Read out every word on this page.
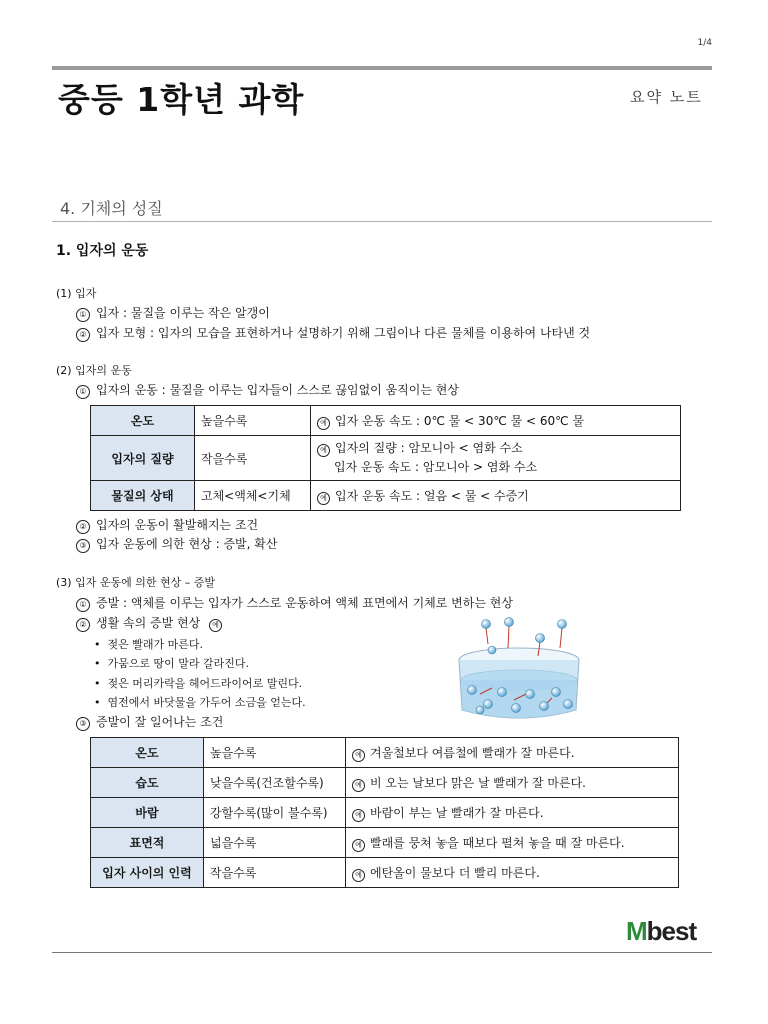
1/4
중등 1학년 과학	요약 노트
4. 기체의 성질
1. 입자의 운동
(1) 입자
① 입자 : 물질을 이루는 작은 알갱이
② 입자 모형 : 입자의 모습을 표현하거나 설명하기 위해 그림이나 다른 물체를 이용하여 나타낸 것
(2) 입자의 운동
① 입자의 운동 : 물질을 이루는 입자들이 스스로 끊임없이 움직이는 현상
온도	높을수록	예 입자 운동 속도 : 0℃ 물 < 30℃ 물 < 60℃ 물
입자의 질량	작을수록	예 입자의 질량 : 암모니아 < 염화 수소
입자 운동 속도 : 암모니아 > 염화 수소

물질의 상태	고체<액체<기체	예 입자 운동 속도 : 얼음 < 물 < 수증기
② 입자의 운동이 활발해지는 조건
③ 입자 운동에 의한 현상 : 증발, 확산
(3) 입자 운동에 의한 현상 – 증발
① 증발 : 액체를 이루는 입자가 스스로 운동하여 액체 표면에서 기체로 변하는 현상
② 생활 속의 증발 현상 예
•  젖은 빨래가 마른다.
•  가뭄으로 땅이 말라 갈라진다.
•  젖은 머리카락을 헤어드라이어로 말린다.
•  염전에서 바닷물을 가두어 소금을 얻는다.
③ 증발이 잘 일어나는 조건
온도	높을수록	예 겨울철보다 여름철에 빨래가 잘 마른다.
습도	낮을수록(건조할수록)	예 비 오는 날보다 맑은 날 빨래가 잘 마른다.
바람	강할수록(많이 불수록)	예 바람이 부는 날 빨래가 잘 마른다.
표면적	넓을수록	예 빨래를 뭉쳐 놓을 때보다 펼쳐 놓을 때 잘 마른다.
입자 사이의 인력	작을수록	예 에탄올이 물보다 더 빨리 마른다.
Mbest
